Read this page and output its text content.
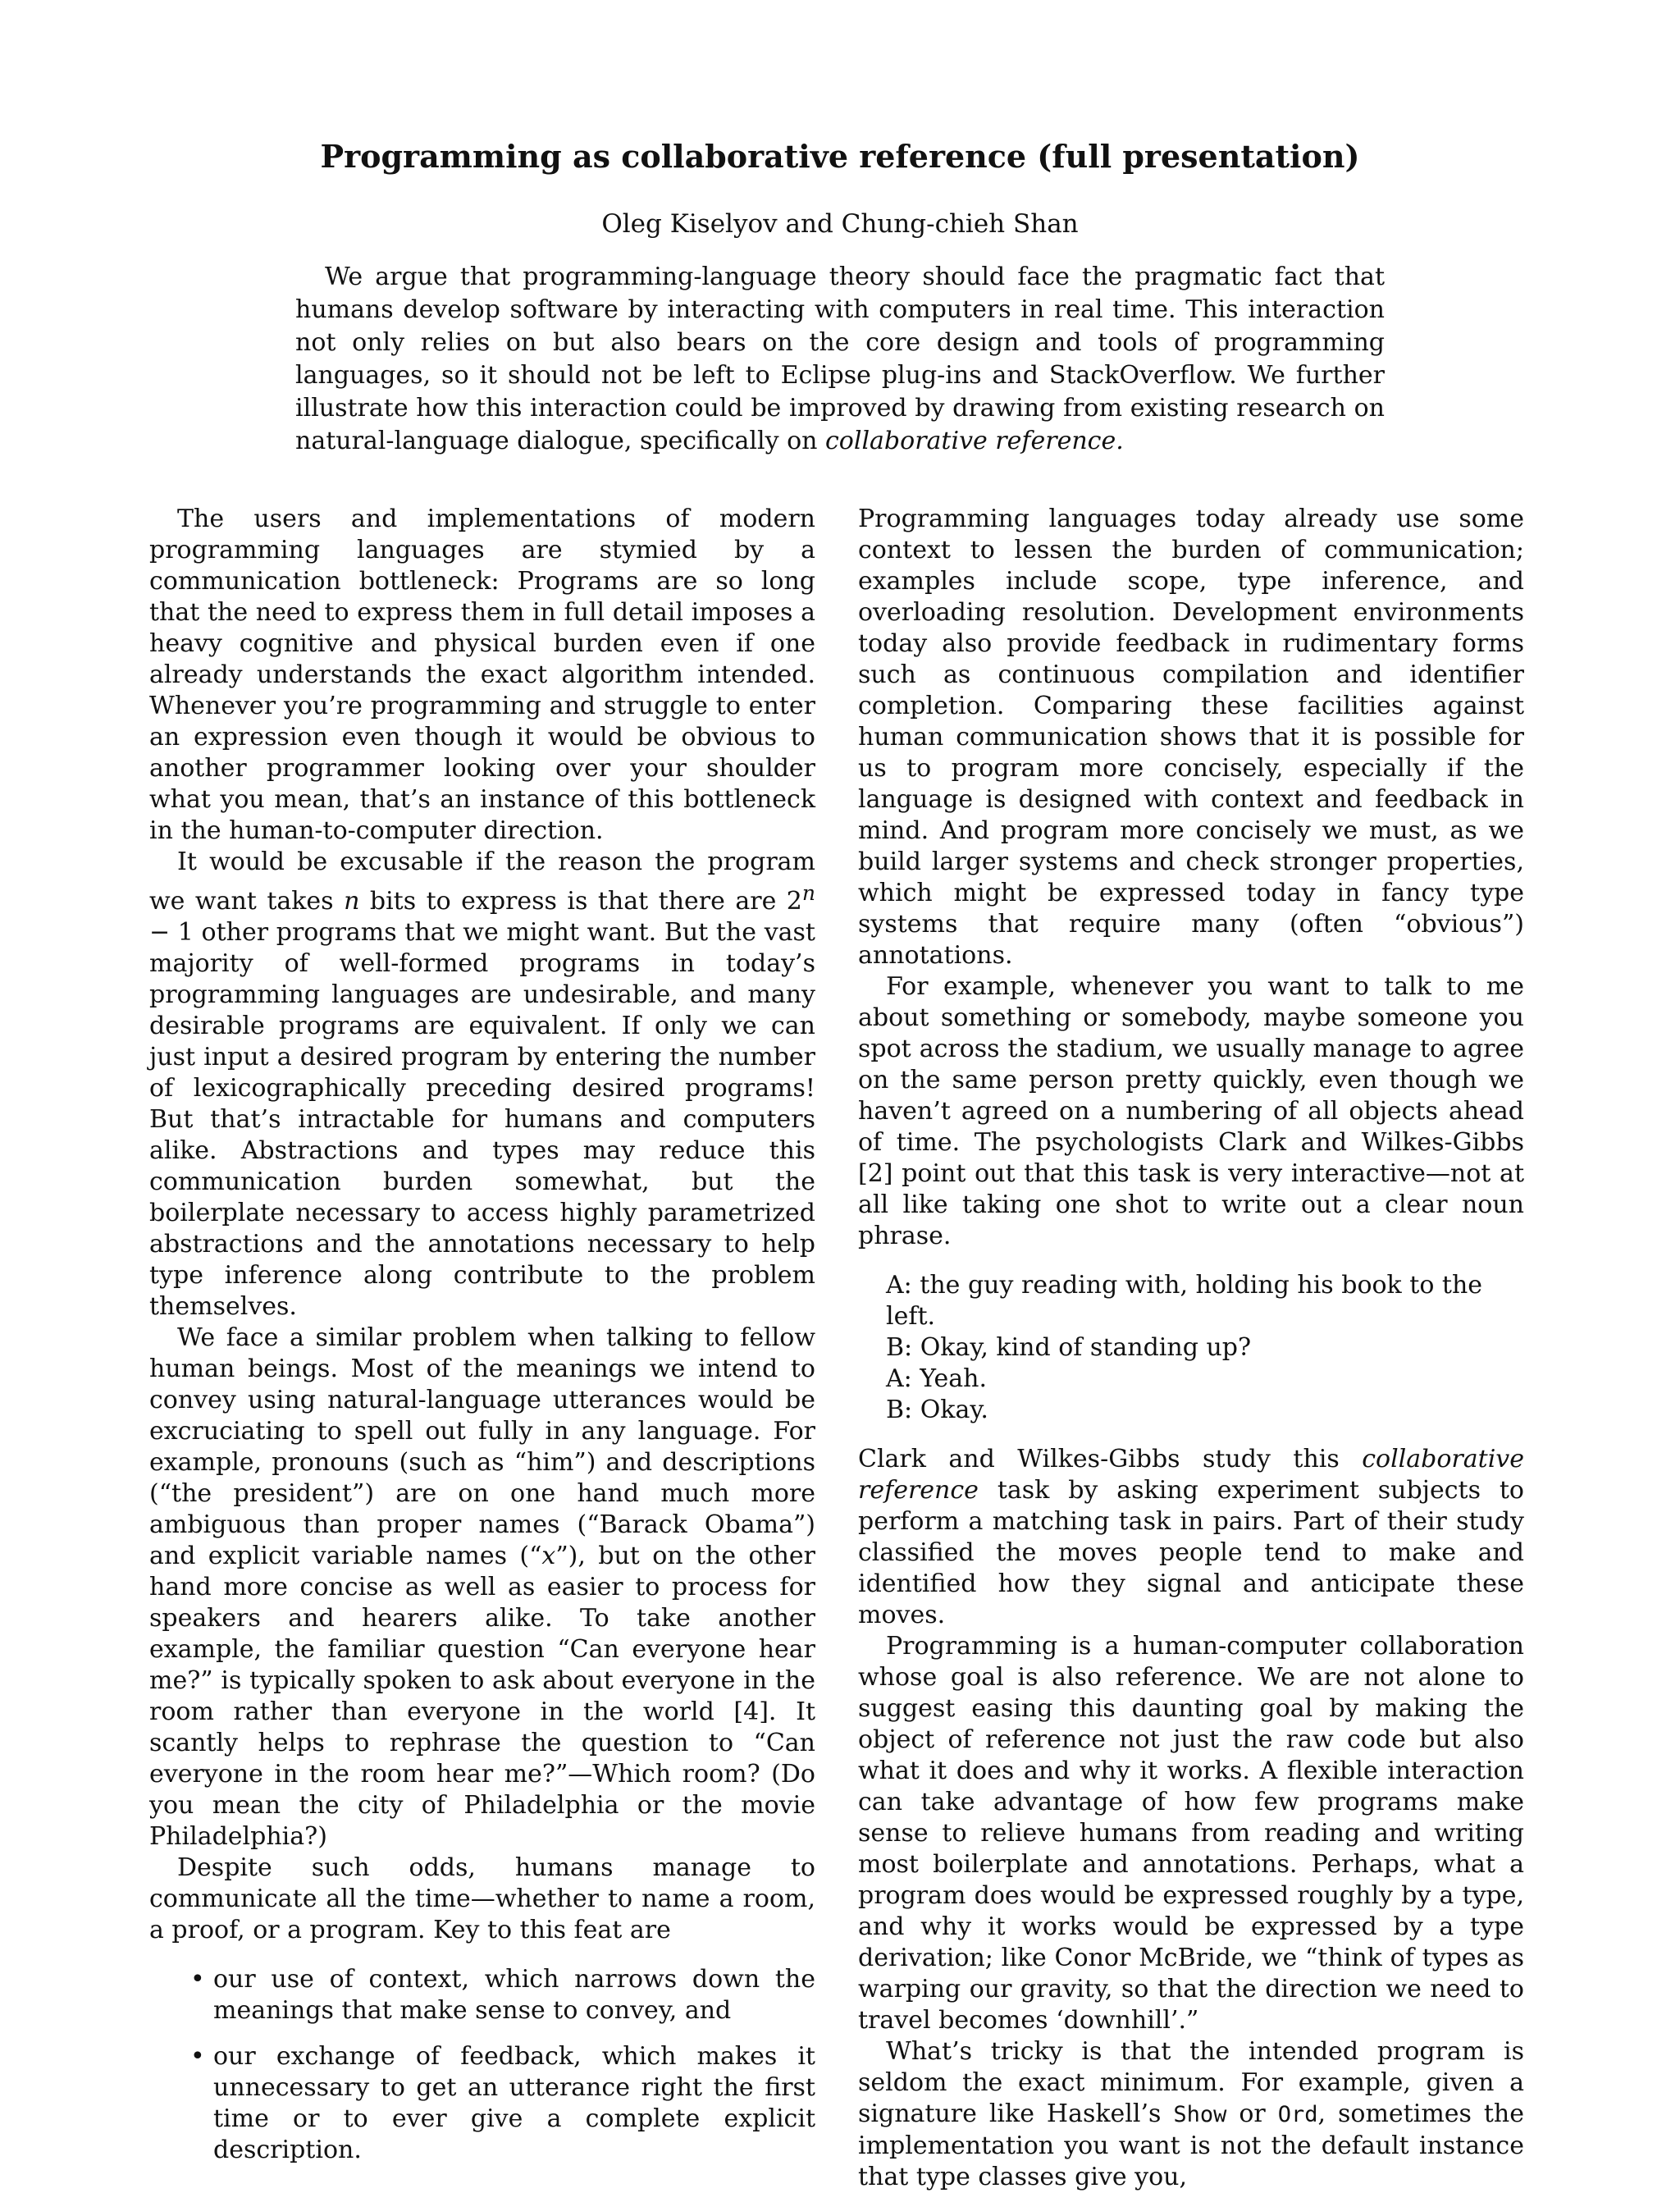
Programming as collaborative reference (full presentation)
Oleg Kiselyov and Chung-chieh Shan

We argue that programming-language theory should face the pragmatic fact that humans develop software by interacting with computers in real time. This interaction not only relies on but also bears on the core design and tools of programming languages, so it should not be left to Eclipse plug-ins and StackOverflow. We further illustrate how this interaction could be improved by drawing from existing research on natural-language dialogue, specifically on collaborative reference.

The users and implementations of modern programming languages are stymied by a communication bottleneck: Programs are so long that the need to express them in full detail imposes a heavy cognitive and physical burden even if one already understands the exact algorithm intended. Whenever you’re programming and struggle to enter an expression even though it would be obvious to another programmer looking over your shoulder what you mean, that’s an instance of this bottleneck in the human-to-computer direction.

It would be excusable if the reason the program we want takes n bits to express is that there are $2^n - 1$ other programs that we might want. But the vast majority of well-formed programs in today’s programming languages are undesirable, and many desirable programs are equivalent. If only we can just input a desired program by entering the number of lexicographically preceding desired programs! But that’s intractable for humans and computers alike. Abstractions and types may reduce this communication burden somewhat, but the boilerplate necessary to access highly parametrized abstractions and the annotations necessary to help type inference along contribute to the problem themselves.

We face a similar problem when talking to fellow human beings. Most of the meanings we intend to convey using natural-language utterances would be excruciating to spell out fully in any language. For example, pronouns (such as “him”) and descriptions (“the president”) are on one hand much more ambiguous than proper names (“Barack Obama”) and explicit variable names (“x”), but on the other hand more concise as well as easier to process for speakers and hearers alike. To take another example, the familiar question “Can everyone hear me?” is typically spoken to ask about everyone in the room rather than everyone in the world [4]. It scantly helps to rephrase the question to “Can everyone in the room hear me?”—Which room? (Do you mean the city of Philadelphia or the movie Philadelphia?)

Despite such odds, humans manage to communicate all the time—whether to name a room, a proof, or a program. Key to this feat are

• our use of context, which narrows down the meanings that make sense to convey, and
• our exchange of feedback, which makes it unnecessary to get an utterance right the first time or to ever give a complete explicit description.

Programming languages today already use some context to lessen the burden of communication; examples include scope, type inference, and overloading resolution. Development environments today also provide feedback in rudimentary forms such as continuous compilation and identifier completion. Comparing these facilities against human communication shows that it is possible for us to program more concisely, especially if the language is designed with context and feedback in mind. And program more concisely we must, as we build larger systems and check stronger properties, which might be expressed today in fancy type systems that require many (often “obvious”) annotations.

For example, whenever you want to talk to me about something or somebody, maybe someone you spot across the stadium, we usually manage to agree on the same person pretty quickly, even though we haven’t agreed on a numbering of all objects ahead of time. The psychologists Clark and Wilkes-Gibbs [2] point out that this task is very interactive—not at all like taking one shot to write out a clear noun phrase.

A: the guy reading with, holding his book to the left.
B: Okay, kind of standing up?
A: Yeah.
B: Okay.

Clark and Wilkes-Gibbs study this collaborative reference task by asking experiment subjects to perform a matching task in pairs. Part of their study classified the moves people tend to make and identified how they signal and anticipate these moves.

Programming is a human-computer collaboration whose goal is also reference. We are not alone to suggest easing this daunting goal by making the object of reference not just the raw code but also what it does and why it works. A flexible interaction can take advantage of how few programs make sense to relieve humans from reading and writing most boilerplate and annotations. Perhaps, what a program does would be expressed roughly by a type, and why it works would be expressed by a type derivation; like Conor McBride, we “think of types as warping our gravity, so that the direction we need to travel becomes ‘downhill’.”

What’s tricky is that the intended program is seldom the exact minimum. For example, given a signature like Haskell’s Show or Ord, sometimes the implementation you want is not the default instance that type classes give you,
